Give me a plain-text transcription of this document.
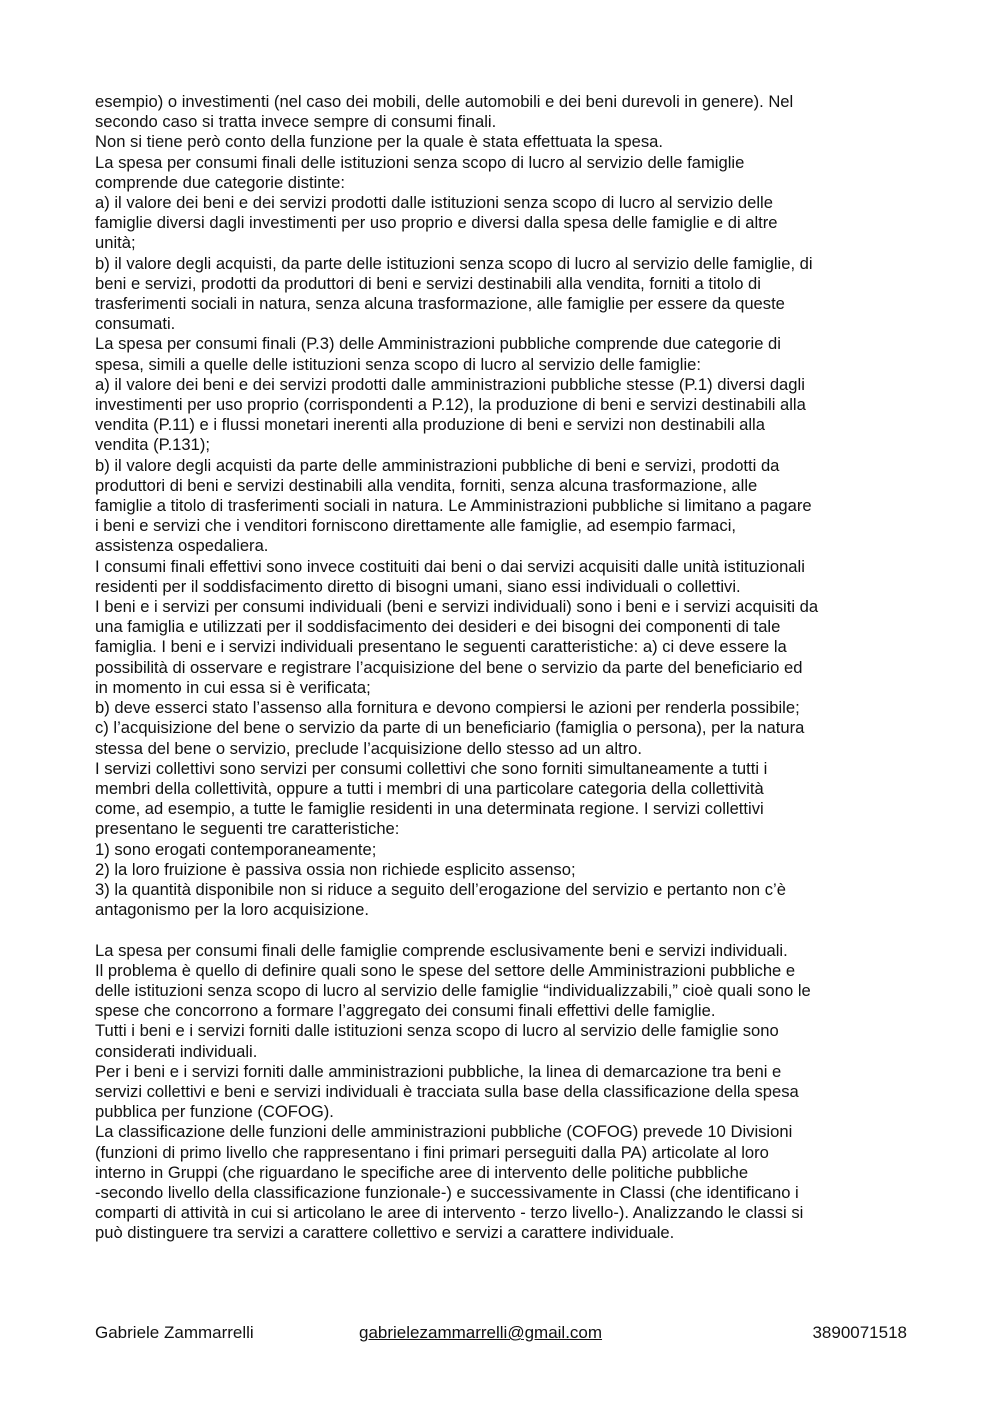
esempio) o investimenti (nel caso dei mobili, delle automobili e dei beni durevoli in genere). Nel

secondo caso si tratta invece sempre di consumi finali.

Non si tiene però conto della funzione per la quale è stata effettuata la spesa.

La spesa per consumi finali delle istituzioni senza scopo di lucro al servizio delle famiglie

comprende due categorie distinte:

a) il valore dei beni e dei servizi prodotti dalle istituzioni senza scopo di lucro al servizio delle

famiglie diversi dagli investimenti per uso proprio e diversi dalla spesa delle famiglie e di altre

unità;

b) il valore degli acquisti, da parte delle istituzioni senza scopo di lucro al servizio delle famiglie, di

beni e servizi, prodotti da produttori di beni e servizi destinabili alla vendita, forniti a titolo di

trasferimenti sociali in natura, senza alcuna trasformazione, alle famiglie per essere da queste

consumati.

La spesa per consumi finali (P.3) delle Amministrazioni pubbliche comprende due categorie di

spesa, simili a quelle delle istituzioni senza scopo di lucro al servizio delle famiglie:

a) il valore dei beni e dei servizi prodotti dalle amministrazioni pubbliche stesse (P.1) diversi dagli

investimenti per uso proprio (corrispondenti a P.12), la produzione di beni e servizi destinabili alla

vendita (P.11) e i flussi monetari inerenti alla produzione di beni e servizi non destinabili alla

vendita (P.131);

b) il valore degli acquisti da parte delle amministrazioni pubbliche di beni e servizi, prodotti da

produttori di beni e servizi destinabili alla vendita, forniti, senza alcuna trasformazione, alle

famiglie a titolo di trasferimenti sociali in natura. Le Amministrazioni pubbliche si limitano a pagare

i beni e servizi che i venditori forniscono direttamente alle famiglie, ad esempio farmaci,

assistenza ospedaliera.

I consumi finali effettivi sono invece costituiti dai beni o dai servizi acquisiti dalle unità istituzionali

residenti per il soddisfacimento diretto di bisogni umani, siano essi individuali o collettivi.

I beni e i servizi per consumi individuali (beni e servizi individuali) sono i beni e i servizi acquisiti da

una famiglia e utilizzati per il soddisfacimento dei desideri e dei bisogni dei componenti di tale

famiglia. I beni e i servizi individuali presentano le seguenti caratteristiche: a) ci deve essere la

possibilità di osservare e registrare l’acquisizione del bene o servizio da parte del beneficiario ed

in momento in cui essa si è verificata;

b) deve esserci stato l’assenso alla fornitura e devono compiersi le azioni per renderla possibile;

c) l’acquisizione del bene o servizio da parte di un beneficiario (famiglia o persona), per la natura

stessa del bene o servizio, preclude l’acquisizione dello stesso ad un altro.

I servizi collettivi sono servizi per consumi collettivi che sono forniti simultaneamente a tutti i

membri della collettività, oppure a tutti i membri di una particolare categoria della collettività

come, ad esempio, a tutte le famiglie residenti in una determinata regione. I servizi collettivi

presentano le seguenti tre caratteristiche:

1) sono erogati contemporaneamente;

2) la loro fruizione è passiva ossia non richiede esplicito assenso;

3) la quantità disponibile non si riduce a seguito dell’erogazione del servizio e pertanto non c’è

antagonismo per la loro acquisizione.

La spesa per consumi finali delle famiglie comprende esclusivamente beni e servizi individuali.

Il problema è quello di definire quali sono le spese del settore delle Amministrazioni pubbliche e

delle istituzioni senza scopo di lucro al servizio delle famiglie “individualizzabili,” cioè quali sono le

spese che concorrono a formare l’aggregato dei consumi finali effettivi delle famiglie.

Tutti i beni e i servizi forniti dalle istituzioni senza scopo di lucro al servizio delle famiglie sono

considerati individuali.

Per i beni e i servizi forniti dalle amministrazioni pubbliche, la linea di demarcazione tra beni e

servizi collettivi e beni e servizi individuali è tracciata sulla base della classificazione della spesa

pubblica per funzione (COFOG).

La classificazione delle funzioni delle amministrazioni pubbliche (COFOG) prevede 10 Divisioni

(funzioni di primo livello che rappresentano i fini primari perseguiti dalla PA) articolate al loro

interno in Gruppi (che riguardano le specifiche aree di intervento delle politiche pubbliche

-secondo livello della classificazione funzionale-) e successivamente in Classi (che identificano i

comparti di attività in cui si articolano le aree di intervento - terzo livello-). Analizzando le classi si

può distinguere tra servizi a carattere collettivo e servizi a carattere individuale.

Gabriele Zammarrelli	gabrielezammarrelli@gmail.com	3890071518
